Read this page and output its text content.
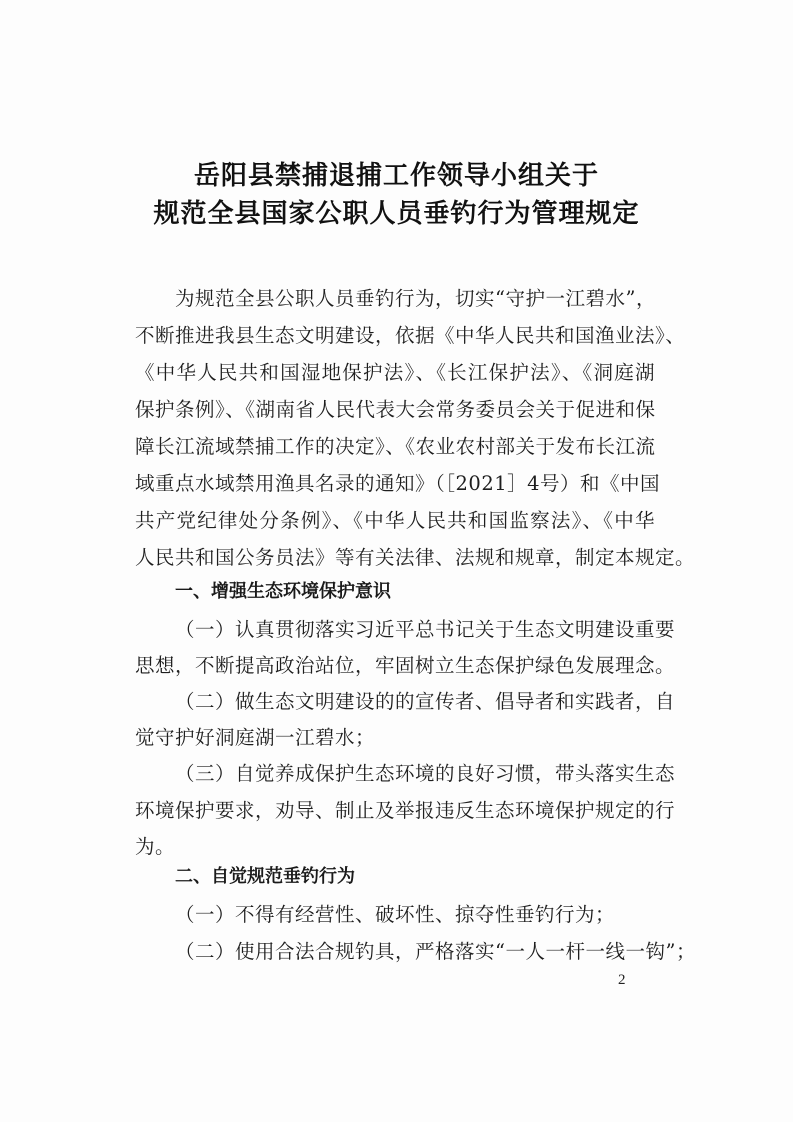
岳阳县禁捕退捕工作领导小组关于
规范全县国家公职人员垂钓行为管理规定
为规范全县公职人员垂钓行为，切实“守护一江碧水”，
不断推进我县生态文明建设，依据《中华人民共和国渔业法》、
《中华人民共和国湿地保护法》、《长江保护法》、《洞庭湖
保护条例》、《湖南省人民代表大会常务委员会关于促进和保
障长江流域禁捕工作的决定》、《农业农村部关于发布长江流
域重点水域禁用渔具名录的通知》（［2021］4号）和《中国
共产党纪律处分条例》、《中华人民共和国监察法》、《中华
人民共和国公务员法》等有关法律、法规和规章，制定本规定。
一、增强生态环境保护意识
（一）认真贯彻落实习近平总书记关于生态文明建设重要
思想，不断提高政治站位，牢固树立生态保护绿色发展理念。
（二）做生态文明建设的的宣传者、倡导者和实践者，自
觉守护好洞庭湖一江碧水；
（三）自觉养成保护生态环境的良好习惯，带头落实生态
环境保护要求，劝导、制止及举报违反生态环境保护规定的行
为。
二、自觉规范垂钓行为
（一）不得有经营性、破坏性、掠夺性垂钓行为；
（二）使用合法合规钓具，严格落实“一人一杆一线一钩”；
2
